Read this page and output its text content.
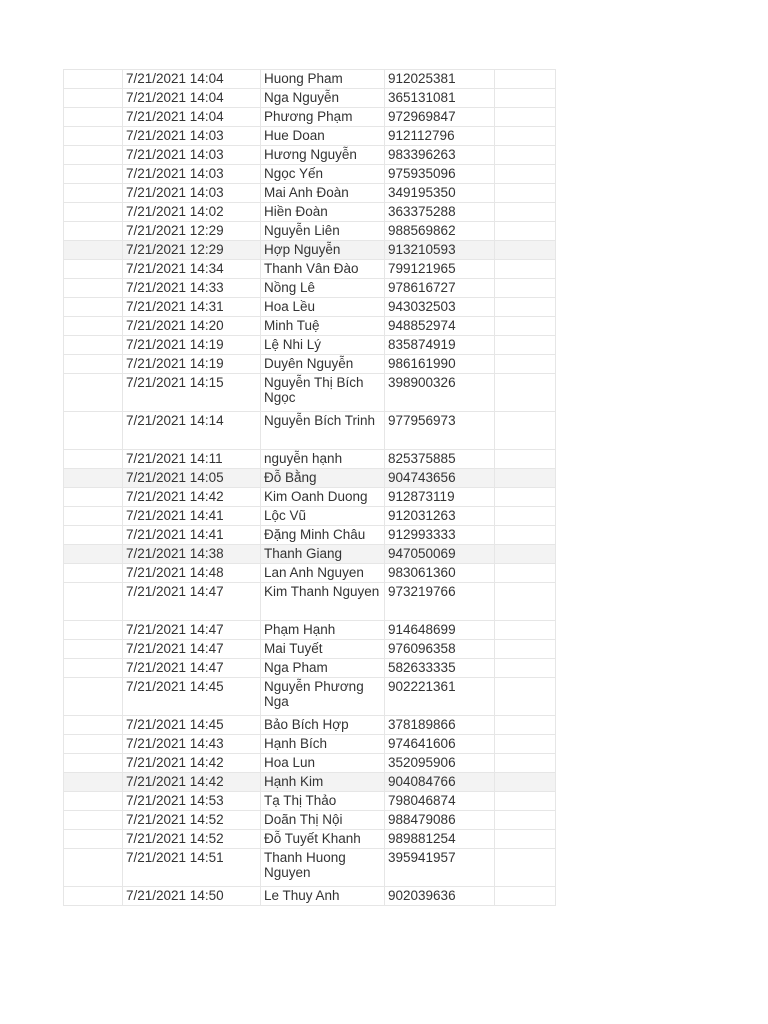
	7/21/2021 14:04	Huong Pham	912025381	
	7/21/2021 14:04	Nga Nguyễn	365131081	
	7/21/2021 14:04	Phương Phạm	972969847	
	7/21/2021 14:03	Hue Doan	912112796	
	7/21/2021 14:03	Hương Nguyễn	983396263	
	7/21/2021 14:03	Ngọc Yến	975935096	
	7/21/2021 14:03	Mai Anh Đoàn	349195350	
	7/21/2021 14:02	Hiền Đoàn	363375288	
	7/21/2021 12:29	Nguyễn Liên	988569862	
	7/21/2021 12:29	Hợp Nguyễn	913210593	
	7/21/2021 14:34	Thanh Vân Đào	799121965	
	7/21/2021 14:33	Nồng Lê	978616727	
	7/21/2021 14:31	Hoa Lều	943032503	
	7/21/2021 14:20	Minh Tuệ	948852974	
	7/21/2021 14:19	Lệ Nhi Lý	835874919	
	7/21/2021 14:19	Duyên Nguyễn	986161990	
	7/21/2021 14:15	Nguyễn Thị Bích Ngọc	398900326	
	7/21/2021 14:14	Nguyễn Bích Trinh	977956973	
	7/21/2021 14:11	nguyễn hạnh	825375885	
	7/21/2021 14:05	Đỗ Bằng	904743656	
	7/21/2021 14:42	Kim Oanh Duong	912873119	
	7/21/2021 14:41	Lộc Vũ	912031263	
	7/21/2021 14:41	Đặng Minh Châu	912993333	
	7/21/2021 14:38	Thanh Giang	947050069	
	7/21/2021 14:48	Lan Anh Nguyen	983061360	
	7/21/2021 14:47	Kim Thanh Nguyen	973219766	
	7/21/2021 14:47	Phạm Hạnh	914648699	
	7/21/2021 14:47	Mai Tuyết	976096358	
	7/21/2021 14:47	Nga Pham	582633335	
	7/21/2021 14:45	Nguyễn Phương Nga	902221361	
	7/21/2021 14:45	Bảo Bích Hợp	378189866	
	7/21/2021 14:43	Hạnh Bích	974641606	
	7/21/2021 14:42	Hoa Lun	352095906	
	7/21/2021 14:42	Hạnh Kim	904084766	
	7/21/2021 14:53	Tạ Thị Thảo	798046874	
	7/21/2021 14:52	Doãn Thị Nội	988479086	
	7/21/2021 14:52	Đỗ Tuyết Khanh	989881254	
	7/21/2021 14:51	Thanh Huong Nguyen	395941957	
	7/21/2021 14:50	Le Thuy Anh	902039636	
